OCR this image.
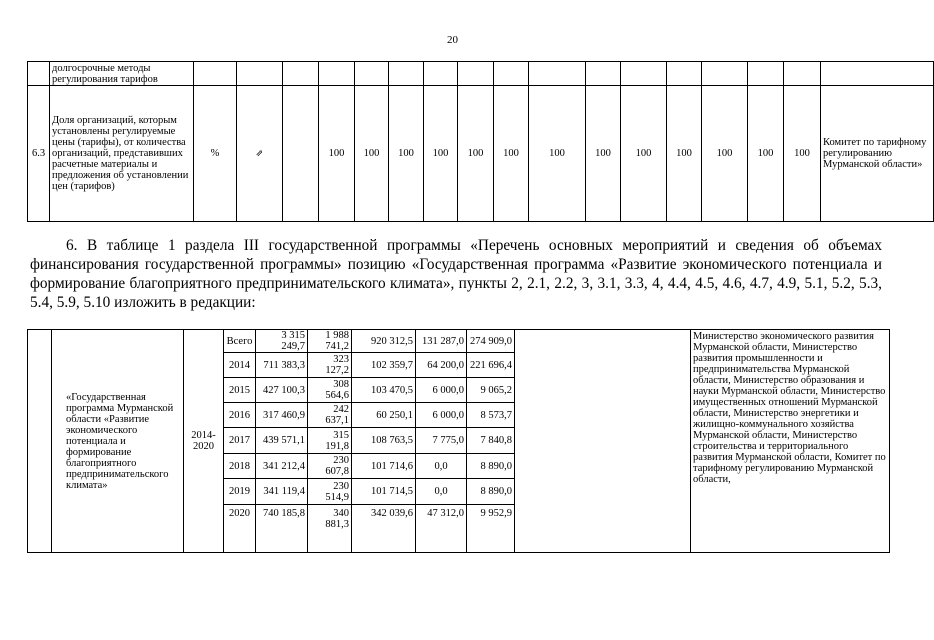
20
	долгосрочные методы регулирования тарифов																	
6.3	Доля организаций, которым установлены регулируемые цены (тарифы), от количества организаций, представивших расчетные материалы и предложения об установлении цен (тарифов)	%	⇗		100	100	100	100	100	100	100	100	100	100	100	100	100	Комитет по тарифному регулированию Мурманской области»
6. В таблице 1 раздела III государственной программы «Перечень основных мероприятий и сведения об объемах финансирования государственной программы» позицию «Государственная программа «Развитие экономического потенциала и формирование благоприятного предпринимательского климата», пункты 2, 2.1, 2.2, 3, 3.1, 3.3, 4, 4.4, 4.5, 4.6, 4.7, 4.9, 5.1, 5.2, 5.3, 5.4, 5.9, 5.10 изложить в редакции:
	«Государственная программа Мурманской области «Развитие экономического потенциала и формирование благоприятного предпринимательского климата»	2014-2020	Всего	3 315 249,7	1 988 741,2	920 312,5	131 287,0	274 909,0		Министерство экономического развития Мурманской области, Министерство развития промышленности и предпринимательства Мурманской области, Министерство образования и науки Мурманской области, Министерство имущественных отношений Мурманской области, Министерство энергетики и жилищно-коммунального хозяйства Мурманской области, Министерство строительства и территориального развития Мурманской области, Комитет по тарифному регулированию Мурманской области,
			2014	711 383,3	323 127,2	102 359,7	64 200,0	221 696,4		
			2015	427 100,3	308 564,6	103 470,5	6 000,0	9 065,2		
			2016	317 460,9	242 637,1	60 250,1	6 000,0	8 573,7		
			2017	439 571,1	315 191,8	108 763,5	7 775,0	7 840,8		
			2018	341 212,4	230 607,8	101 714,6	0,0	8 890,0		
			2019	341 119,4	230 514,9	101 714,5	0,0	8 890,0		
			2020	740 185,8	340 881,3	342 039,6	47 312,0	9 952,9		
